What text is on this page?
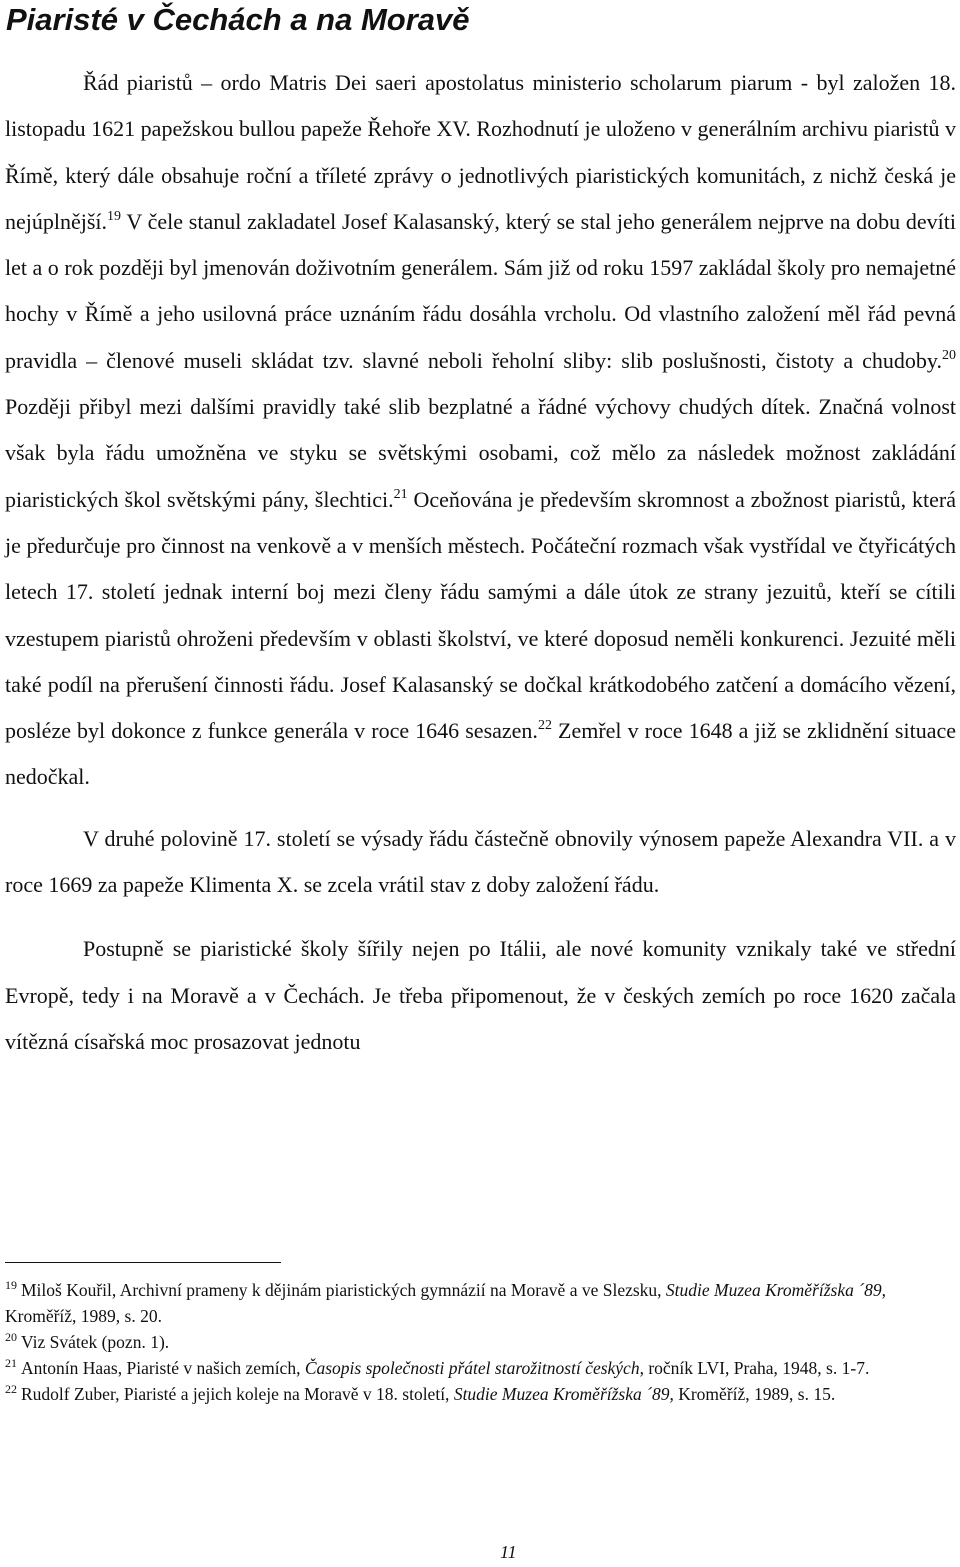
Piaristé v Čechách a na Moravě

Řád piaristů – ordo Matris Dei saeri apostolatus ministerio scholarum piarum - byl založen 18. listopadu 1621 papežskou bullou papeže Řehoře XV. Rozhodnutí je uloženo v generálním archivu piaristů v Římě, který dále obsahuje roční a tříleté zprávy o jednotlivých piaristických komunitách, z nichž česká je nejúplnější.$^{19}$ V čele stanul zakladatel Josef Kalasanský, který se stal jeho generálem nejprve na dobu devíti let a o rok později byl jmenován doživotním generálem. Sám již od roku 1597 zakládal školy pro nemajetné hochy v Římě a jeho usilovná práce uznáním řádu dosáhla vrcholu. Od vlastního založení měl řád pevná pravidla – členové museli skládat tzv. slavné neboli řeholní sliby: slib poslušnosti, čistoty a chudoby.$^{20}$ Později přibyl mezi dalšími pravidly také slib bezplatné a řádné výchovy chudých dítek. Značná volnost však byla řádu umožněna ve styku se světskými osobami, což mělo za následek možnost zakládání piaristických škol světskými pány, šlechtici.$^{21}$ Oceňována je především skromnost a zbožnost piaristů, která je předurčuje pro činnost na venkově a v menších městech. Počáteční rozmach však vystřídal ve čtyřicátých letech 17. století jednak interní boj mezi členy řádu samými a dále útok ze strany jezuitů, kteří se cítili vzestupem piaristů ohroženi především v oblasti školství, ve které doposud neměli konkurenci. Jezuité měli také podíl na přerušení činnosti řádu. Josef Kalasanský se dočkal krátkodobého zatčení a domácího vězení, posléze byl dokonce z funkce generála v roce 1646 sesazen.$^{22}$ Zemřel v roce 1648 a již se zklidnění situace nedočkal.

V druhé polovině 17. století se výsady řádu částečně obnovily výnosem papeže Alexandra VII. a v roce 1669 za papeže Klimenta X. se zcela vrátil stav z doby založení řádu.

Postupně se piaristické školy šířily nejen po Itálii, ale nové komunity vznikaly také ve střední Evropě, tedy i na Moravě a v Čechách. Je třeba připomenout, že v českých zemích po roce 1620 začala vítězná císařská moc prosazovat jednotu

$^{19}$ Miloš Kouřil, Archivní prameny k dějinám piaristických gymnázií na Moravě a ve Slezsku, Studie Muzea Kroměřížska ´89, Kroměříž, 1989, s. 20.

$^{20}$ Viz Svátek (pozn. 1).

$^{21}$ Antonín Haas, Piaristé v našich zemích, Časopis společnosti přátel starožitností českých, ročník LVI, Praha, 1948, s. 1-7.

$^{22}$ Rudolf Zuber, Piaristé a jejich koleje na Moravě v 18. století, Studie Muzea Kroměřížska ´89, Kroměříž, 1989, s. 15.

11
